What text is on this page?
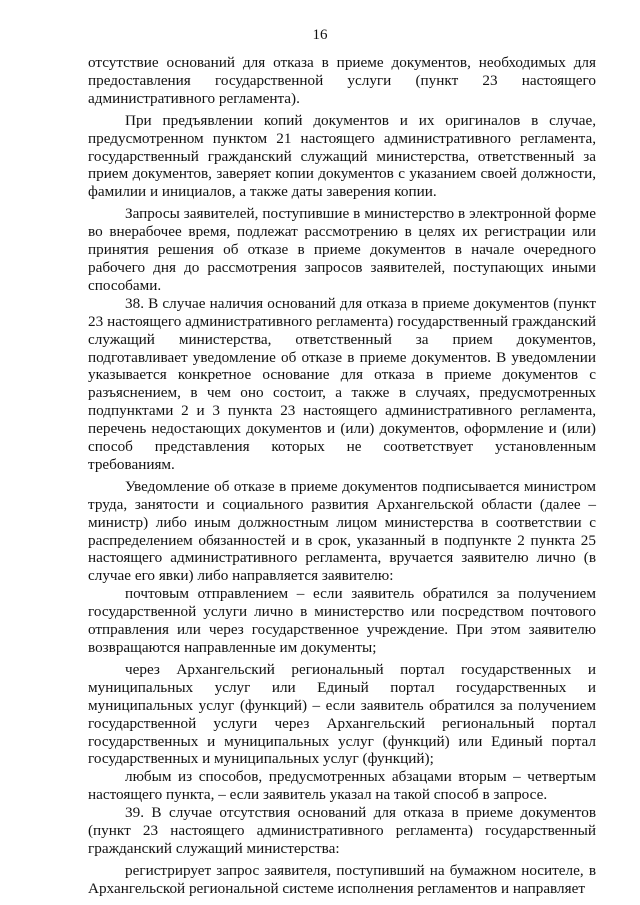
16

отсутствие оснований для отказа в приеме документов, необходимых для предоставления государственной услуги (пункт 23 настоящего административного регламента).

При предъявлении копий документов и их оригиналов в случае, предусмотренном пунктом 21 настоящего административного регламента, государственный гражданский служащий министерства, ответственный за прием документов, заверяет копии документов с указанием своей должности, фамилии и инициалов, а также даты заверения копии.

Запросы заявителей, поступившие в министерство в электронной форме во внерабочее время, подлежат рассмотрению в целях их регистрации или принятия решения об отказе в приеме документов в начале очередного рабочего дня до рассмотрения запросов заявителей, поступающих иными способами.

38. В случае наличия оснований для отказа в приеме документов (пункт 23 настоящего административного регламента) государственный гражданский служащий министерства, ответственный за прием документов, подготавливает уведомление об отказе в приеме документов. В уведомлении указывается конкретное основание для отказа в приеме документов с разъяснением, в чем оно состоит, а также в случаях, предусмотренных подпунктами 2 и 3 пункта 23 настоящего административного регламента, перечень недостающих документов и (или) документов, оформление и (или) способ представления которых не соответствует установленным требованиям.

Уведомление об отказе в приеме документов подписывается министром труда, занятости и социального развития Архангельской области (далее – министр) либо иным должностным лицом министерства в соответствии с распределением обязанностей и в срок, указанный в подпункте 2 пункта 25 настоящего административного регламента, вручается заявителю лично (в случае его явки) либо направляется заявителю:

почтовым отправлением – если заявитель обратился за получением государственной услуги лично в министерство или посредством почтового отправления или через государственное учреждение. При этом заявителю возвращаются направленные им документы;

через Архангельский региональный портал государственных и муниципальных услуг или Единый портал государственных и муниципальных услуг (функций) – если заявитель обратился за получением государственной услуги через Архангельский региональный портал государственных и муниципальных услуг (функций) или Единый портал государственных и муниципальных услуг (функций);

любым из способов, предусмотренных абзацами вторым – четвертым настоящего пункта, – если заявитель указал на такой способ в запросе.

39. В случае отсутствия оснований для отказа в приеме документов (пункт 23 настоящего административного регламента) государственный гражданский служащий министерства:

регистрирует запрос заявителя, поступивший на бумажном носителе, в Архангельской региональной системе исполнения регламентов и направляет
